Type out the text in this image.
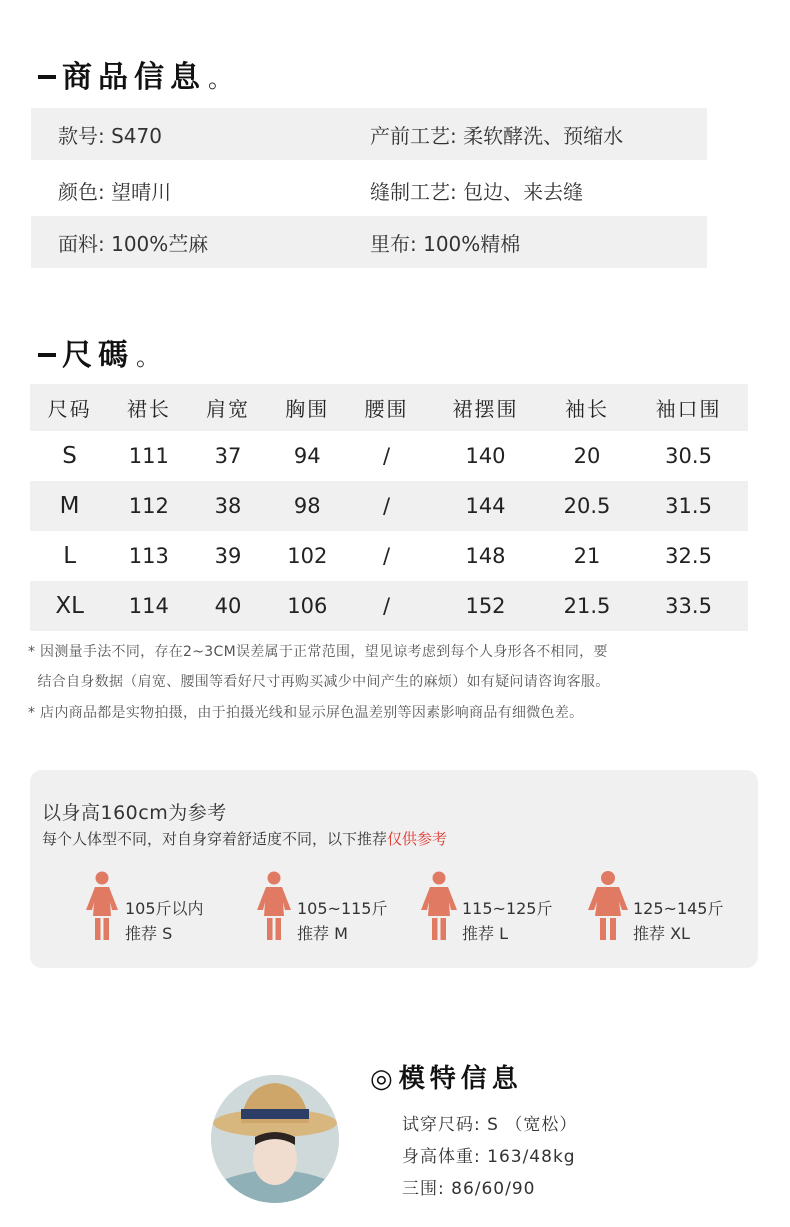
商品信息。
款号: S470	产前工艺: 柔软酵洗、预缩水
颜色: 望晴川	缝制工艺: 包边、来去缝
面料: 100%苎麻	里布: 100%精棉
尺碼。
尺码	裙长	肩宽	胸围	腰围	裙摆围	袖长	袖口围
S	111	37	94	/	140	20	30.5
M	112	38	98	/	144	20.5	31.5
L	113	39	102	/	148	21	32.5
XL	114	40	106	/	152	21.5	33.5
* 因测量手法不同，存在2~3CM误差属于正常范围，望见谅考虑到每个人身形各不相同，要
结合自身数据（肩宽、腰围等看好尺寸再购买减少中间产生的麻烦）如有疑问请咨询客服。
* 店内商品都是实物拍摄，由于拍摄光线和显示屏色温差别等因素影响商品有细微色差。
以身高160cm为参考
每个人体型不同，对自身穿着舒适度不同，以下推荐仅供参考
105斤以内
推荐 S
105~115斤
推荐 M
115~125斤
推荐 L
125~145斤
推荐 XL
◎ 模特信息
试穿尺码: S （宽松）
身高体重: 163/48kg
三围: 86/60/90
